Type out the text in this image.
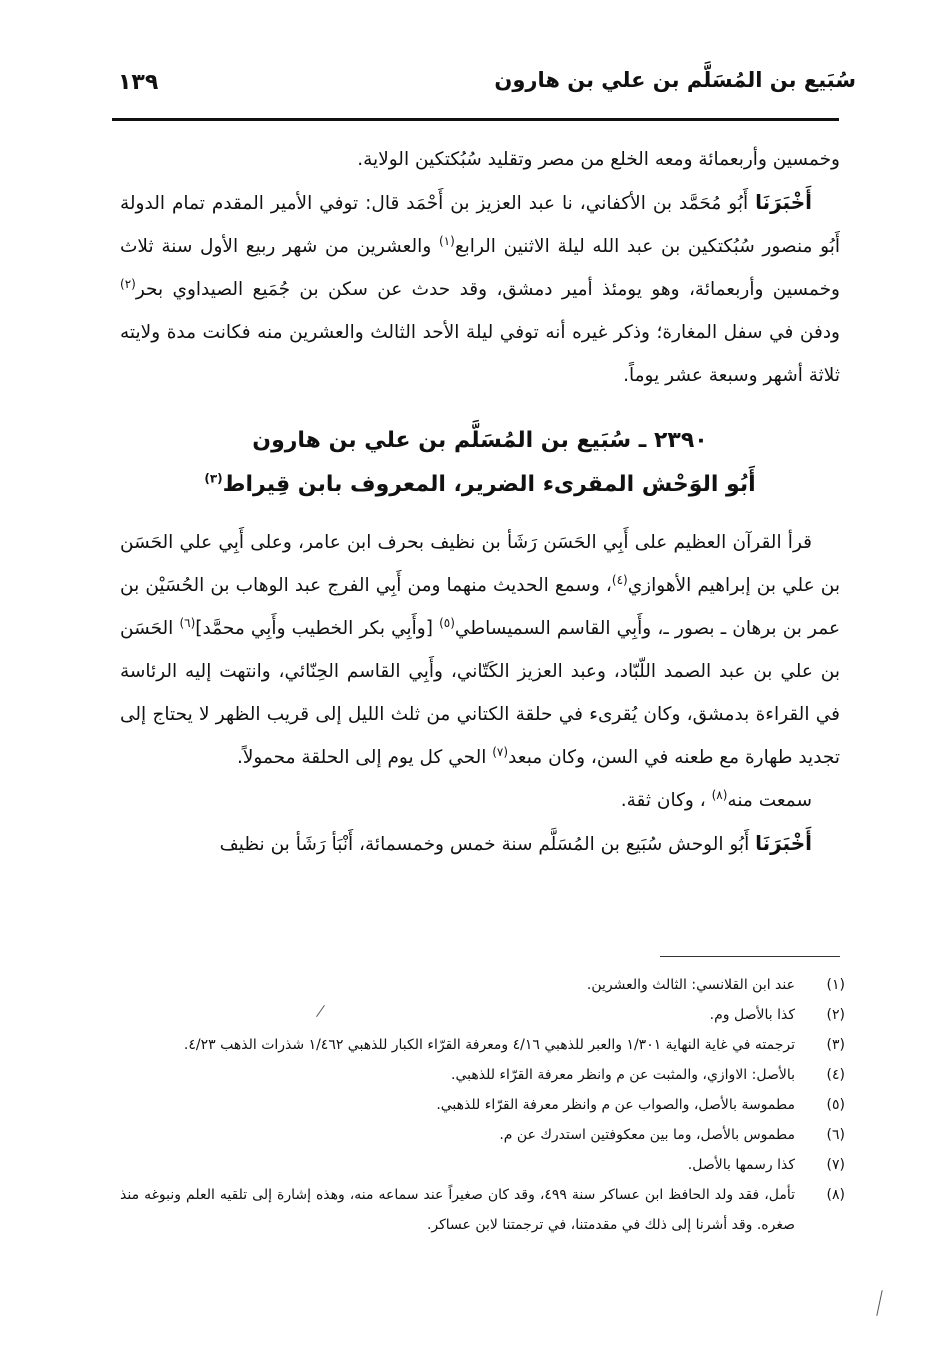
سُبَيع بن المُسَلَّم بن علي بن هارون
١٣٩

وخمسين وأربعمائة ومعه الخلع من مصر وتقليد سُبُكتكين الولاية.

أَخْبَرَنَا أَبُو مُحَمَّد بن الأكفاني، نا عبد العزيز بن أَحْمَد قال: توفي الأمير المقدم تمام الدولة أَبُو منصور سُبُكتكين بن عبد الله ليلة الاثنين الرابع$^{(١)}$ والعشرين من شهر ربيع الأول سنة ثلاث وخمسين وأربعمائة، وهو يومئذ أمير دمشق، وقد حدث عن سكن بن جُمَيع الصيداوي بحر$^{(٢)}$ ودفن في سفل المغارة؛ وذكر غيره أنه توفي ليلة الأحد الثالث والعشرين منه فكانت مدة ولايته ثلاثة أشهر وسبعة عشر يوماً.

٢٣٩٠ ـ سُبَيع بن المُسَلَّم بن علي بن هارون
أَبُو الوَحْش المقرىء الضرير، المعروف بابن قِيراط$^{(٣)}$

قرأ القرآن العظيم على أَبِي الحَسَن رَشَأ بن نظيف بحرف ابن عامر، وعلى أَبِي علي الحَسَن بن علي بن إبراهيم الأهوازي$^{(٤)}$، وسمع الحديث منهما ومن أَبِي الفرج عبد الوهاب بن الحُسَيْن بن عمر بن برهان ـ بصور ـ، وأَبِي القاسم السميساطي$^{(٥)}$ [وأَبِي بكر الخطيب وأَبِي محمَّد]$^{(٦)}$ الحَسَن بن علي بن عبد الصمد اللّبّاد، وعبد العزيز الكَتّاني، وأَبِي القاسم الحِنّائي، وانتهت إليه الرئاسة في القراءة بدمشق، وكان يُقرىء في حلقة الكتاني من ثلث الليل إلى قريب الظهر لا يحتاج إلى تجديد طهارة مع طعنه في السن، وكان مبعد$^{(٧)}$ الحي كل يوم إلى الحلقة محمولاً.

سمعت منه$^{(٨)}$ ، وكان ثقة.

أَخْبَرَنَا أَبُو الوحش سُبَيع بن المُسَلَّم سنة خمس وخمسمائة، أَنْبَأ رَشَأ بن نظيف

(١)
عند ابن القلانسي: الثالث والعشرين.
(٢)
كذا بالأصل وم.
(٣)
ترجمته في غاية النهاية ١/٣٠١ والعبر للذهبي ٤/١٦ ومعرفة القرّاء الكبار للذهبي ١/٤٦٢ شذرات الذهب ٤/٢٣.
(٤)
بالأصل: الاوازي، والمثبت عن م وانظر معرفة القرّاء للذهبي.
(٥)
مطموسة بالأصل، والصواب عن م وانظر معرفة القرّاء للذهبي.
(٦)
مطموس بالأصل، وما بين معكوفتين استدرك عن م.
(٧)
كذا رسمها بالأصل.
(٨)
تأمل، فقد ولد الحافظ ابن عساكر سنة ٤٩٩، وقد كان صغيراً عند سماعه منه، وهذه إشارة إلى تلقيه العلم ونبوغه منذ صغره. وقد أشرنا إلى ذلك في مقدمتنا، في ترجمتنا لابن عساكر.
